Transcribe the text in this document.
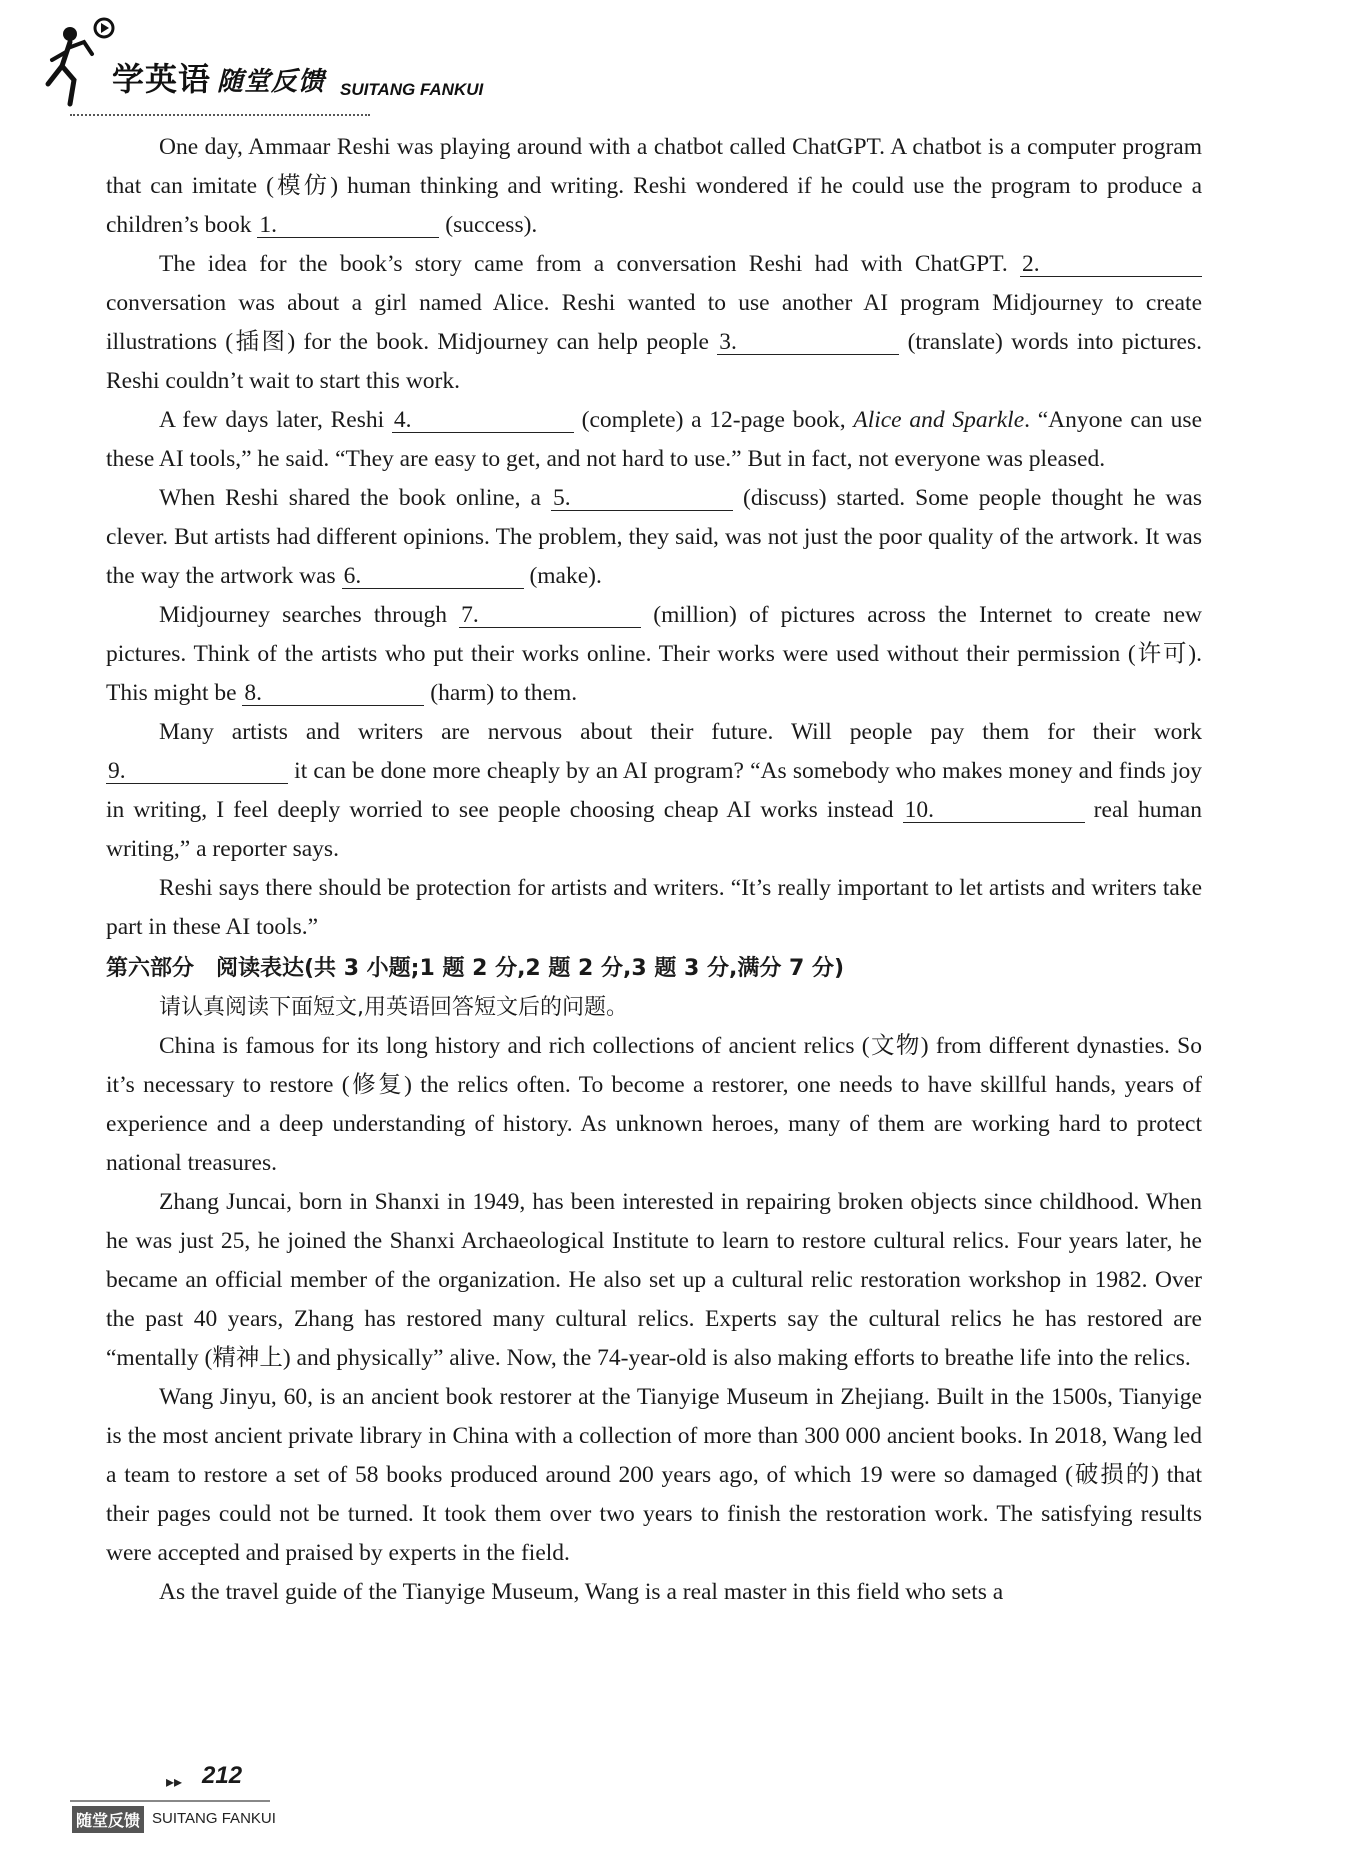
学英语 随堂反馈 SUITANG FANKUI

One day, Ammaar Reshi was playing around with a chatbot called ChatGPT. A chatbot is a computer program that can imitate (模仿) human thinking and writing. Reshi wondered if he could use the program to produce a children’s book 1.	(success).

The idea for the book’s story came from a conversation Reshi had with ChatGPT. 2. conversation was about a girl named Alice. Reshi wanted to use another AI program Midjourney to create illustrations (插图) for the book. Midjourney can help people 3.	(translate) words into pictures. Reshi couldn’t wait to start this work.

A few days later, Reshi 4.	(complete) a 12-page book, Alice and Sparkle. “Anyone can use these AI tools,” he said. “They are easy to get, and not hard to use.” But in fact, not everyone was pleased.

When Reshi shared the book online, a 5.	(discuss) started. Some people thought he was clever. But artists had different opinions. The problem, they said, was not just the poor quality of the artwork. It was the way the artwork was 6.	(make).

Midjourney searches through 7.	(million) of pictures across the Internet to create new pictures. Think of the artists who put their works online. Their works were used without their permission (许可). This might be 8.	(harm) to them.

Many artists and writers are nervous about their future. Will people pay them for their work 9.	it can be done more cheaply by an AI program? “As somebody who makes money and finds joy in writing, I feel deeply worried to see people choosing cheap AI works instead 10.	real human writing,” a reporter says.

Reshi says there should be protection for artists and writers. “It’s really important to let artists and writers take part in these AI tools.”

第六部分　阅读表达(共 3 小题;1 题 2 分,2 题 2 分,3 题 3 分,满分 7 分)

请认真阅读下面短文,用英语回答短文后的问题。

China is famous for its long history and rich collections of ancient relics (文物) from different dynasties. So it’s necessary to restore (修复) the relics often. To become a restorer, one needs to have skillful hands, years of experience and a deep understanding of history. As unknown heroes, many of them are working hard to protect national treasures.

Zhang Juncai, born in Shanxi in 1949, has been interested in repairing broken objects since childhood. When he was just 25, he joined the Shanxi Archaeological Institute to learn to restore cultural relics. Four years later, he became an official member of the organization. He also set up a cultural relic restoration workshop in 1982. Over the past 40 years, Zhang has restored many cultural relics. Experts say the cultural relics he has restored are “mentally (精神上) and physically” alive. Now, the 74-year-old is also making efforts to breathe life into the relics.

Wang Jinyu, 60, is an ancient book restorer at the Tianyige Museum in Zhejiang. Built in the 1500s, Tianyige is the most ancient private library in China with a collection of more than 300 000 ancient books. In 2018, Wang led a team to restore a set of 58 books produced around 200 years ago, of which 19 were so damaged (破损的) that their pages could not be turned. It took them over two years to finish the restoration work. The satisfying results were accepted and praised by experts in the field.

As the travel guide of the Tianyige Museum, Wang is a real master in this field who sets a

▸▸ 212
随堂反馈 SUITANG FANKUI
